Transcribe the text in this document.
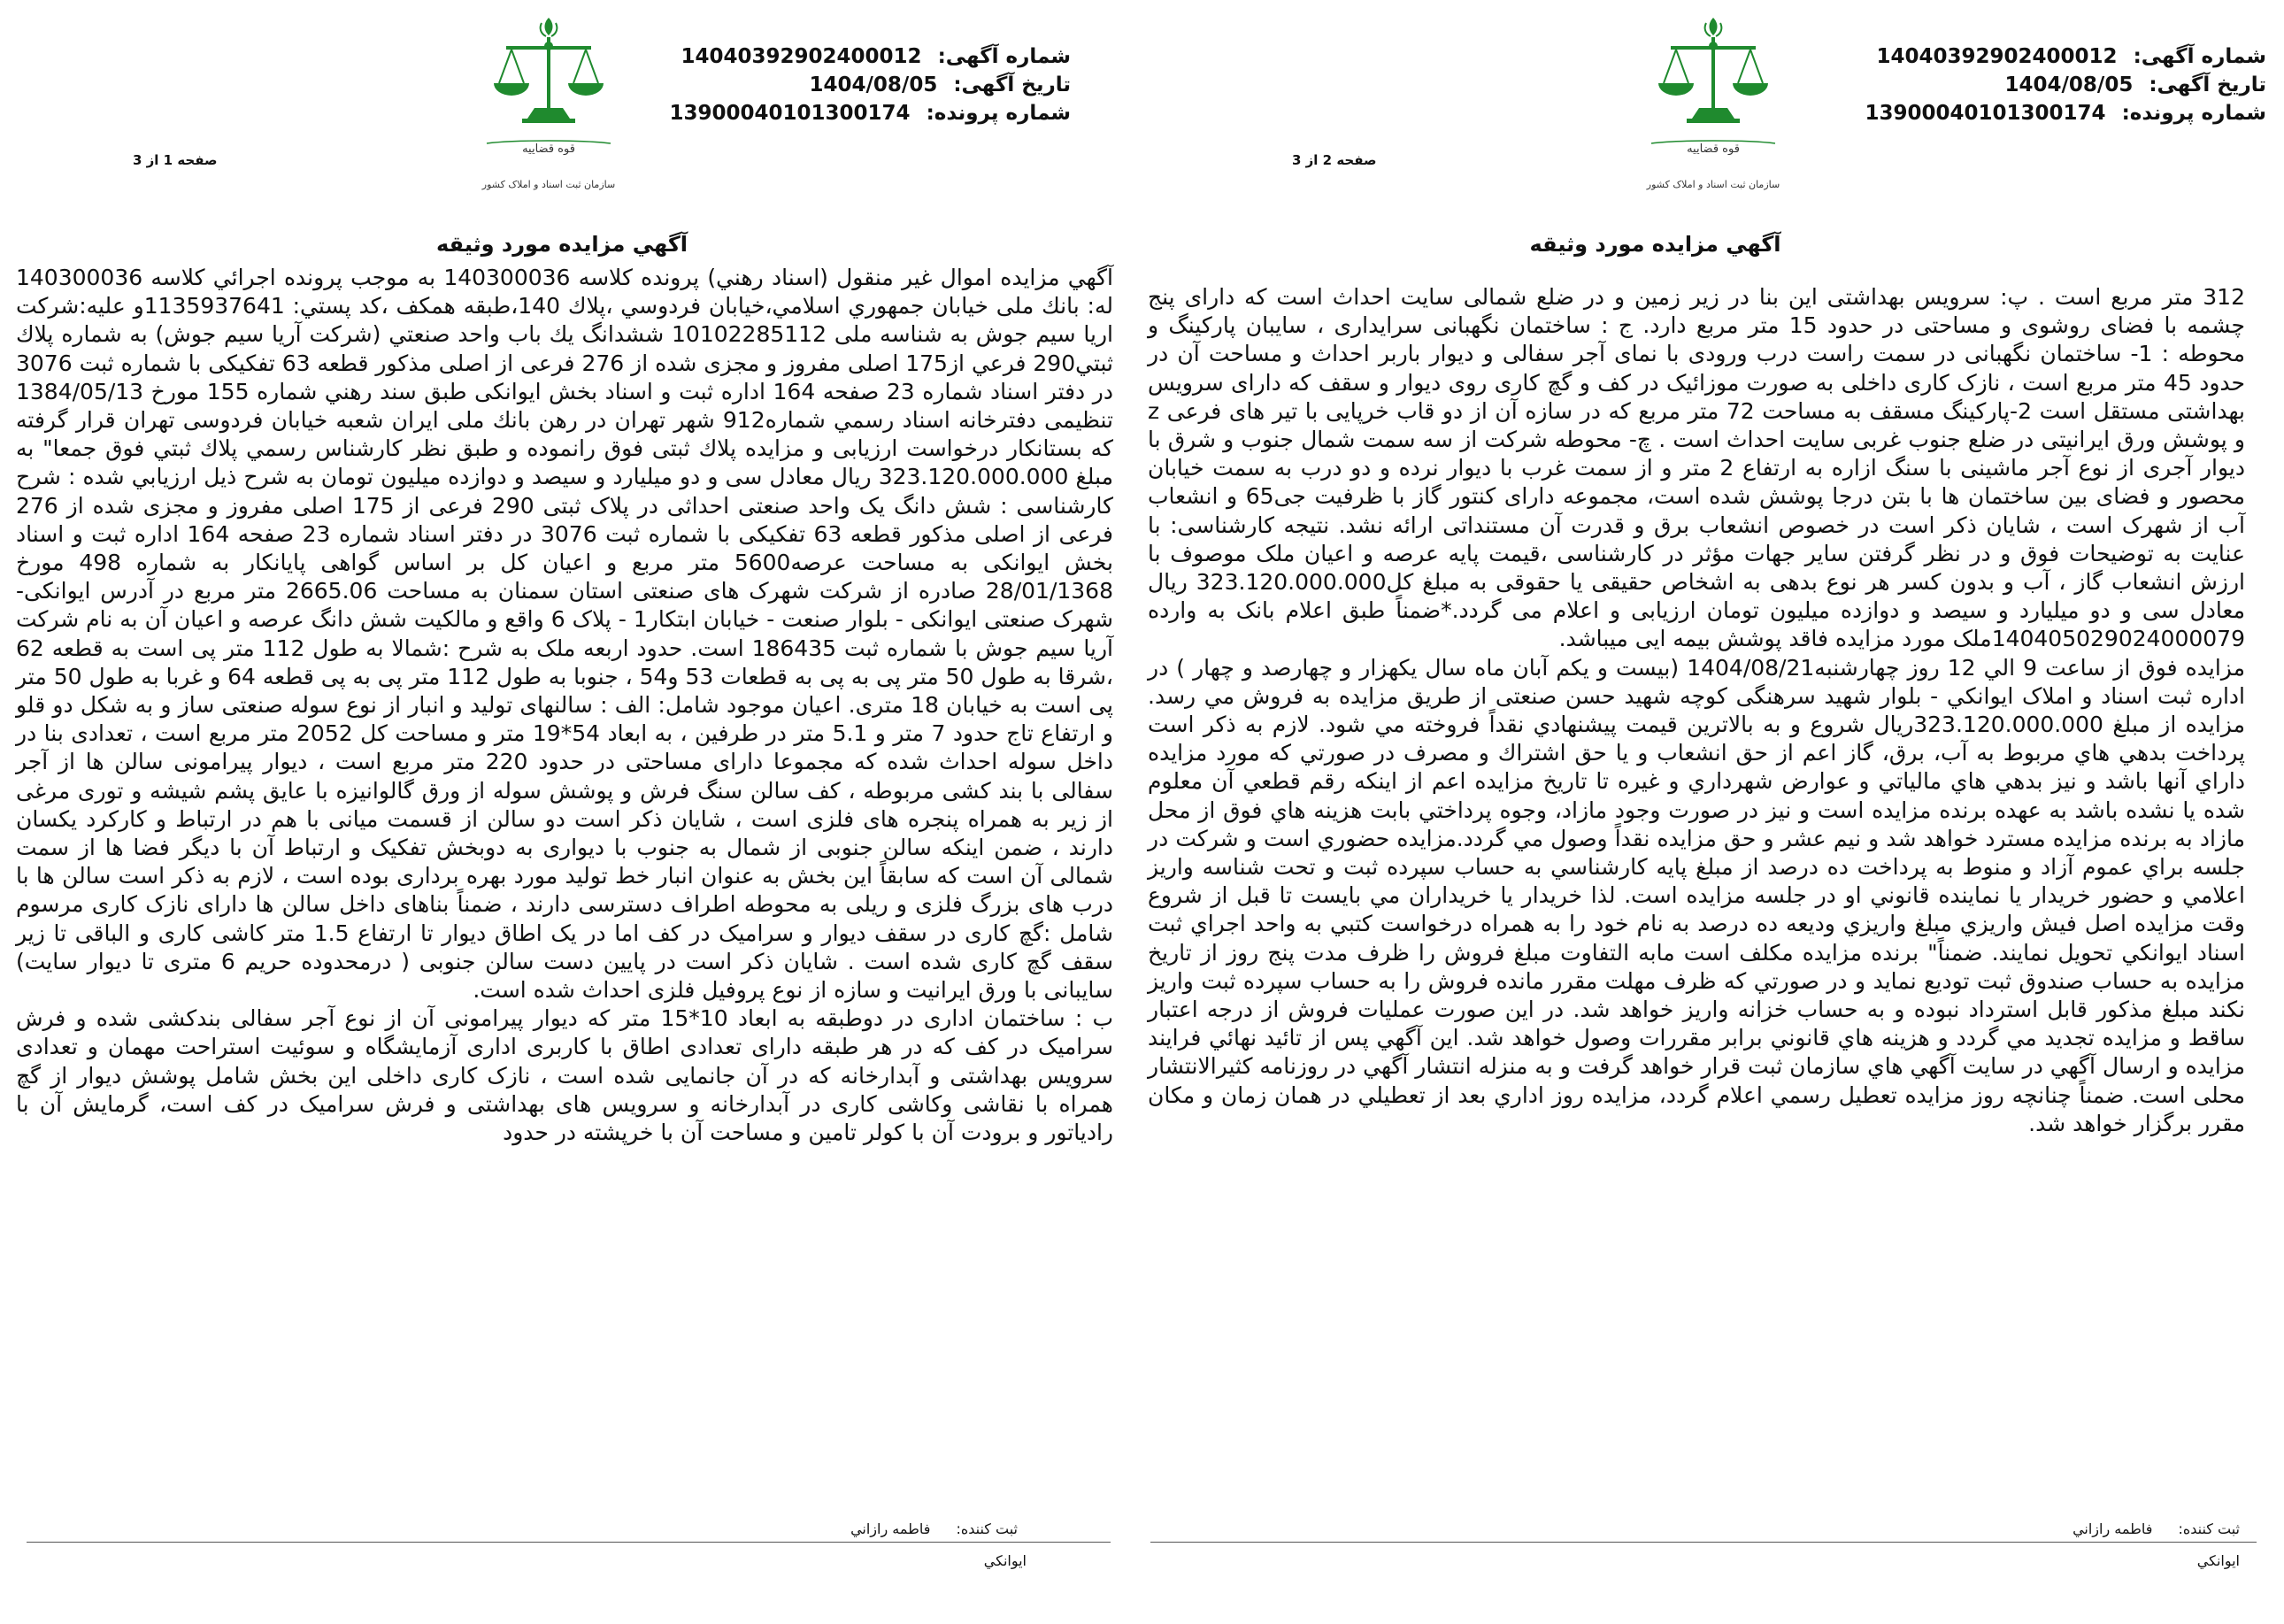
شماره آگهی: 14040392902400012
تاریخ آگهی: 1404/08/05
شماره پرونده: 13900040101300174
قوه قضاییه
سازمان ثبت اسناد و املاک کشور
صفحه 1 از 3
آگهي مزايده مورد وثيقه

آگهي مزايده اموال غير منقول (اسناد رهني) پرونده كلاسه 140300036 به موجب پرونده اجرائي كلاسه 140300036 له: بانك ملی خيابان جمهوري اسلامي،خيابان فردوسي ،پلاك 140،طبقه همكف ،كد پستي: 1135937641و عليه:شركت اريا سيم جوش به شناسه ملی 10102285112 ششدانگ يك باب واحد صنعتي (شركت آريا سيم جوش) به شماره پلاك ثبتي290 فرعي از175 اصلی مفروز و مجزی شده از 276 فرعی از اصلی مذکور قطعه 63 تفکیکی با شماره ثبت 3076 در دفتر اسناد شماره 23 صفحه 164 اداره ثبت و اسناد بخش ايوانكی طبق سند رهني شماره 155 مورخ 1384/05/13 تنظيمی دفترخانه اسناد رسمي شماره912 شهر تهران در رهن بانك ملی ايران شعبه خيابان فردوسی تهران قرار گرفته كه بستانكار درخواست ارزيابی و مزايده پلاك ثبتی فوق رانموده و طبق نظر كارشناس رسمي پلاك ثبتي فوق جمعا" به مبلغ 323.120.000.000 ريال معادل سی و دو ميليارد و سيصد و دوازده ميليون تومان به شرح ذيل ارزيابي شده : شرح كارشناسی : شش دانگ یک واحد صنعتی احداثی در پلاک ثبتی 290 فرعی از 175 اصلی مفروز و مجزی شده از 276 فرعی از اصلی مذکور قطعه 63 تفکیکی با شماره ثبت 3076 در دفتر اسناد شماره 23 صفحه 164 اداره ثبت و اسناد بخش ایوانکی به مساحت عرصه5600 متر مربع و اعیان کل بر اساس گواهی پایانکار به شماره 498 مورخ 28/01/1368 صادره از شرکت شهرک های صنعتی استان سمنان به مساحت 2665.06 متر مربع در آدرس ایوانکی- شهرک صنعتی ایوانکی - بلوار صنعت - خیابان ابتکار1 - پلاک 6 واقع و مالکیت شش دانگ عرصه و اعیان آن به نام شرکت آریا سیم جوش با شماره ثبت 186435 است. حدود اربعه ملک به شرح :شمالا به طول 112 متر پی است به قطعه 62 ،شرقا به طول 50 متر پی به پی به قطعات 53 و54 ، جنوبا به طول 112 متر پی به پی قطعه 64 و غربا به طول 50 متر پی است به خیابان 18 متری. اعیان موجود شامل: الف : سالنهای تولید و انبار از نوع سوله صنعتی ساز و به شکل دو قلو و ارتفاع تاج حدود 7 متر و 5.1 متر در طرفین ، به ابعاد 54*19 متر و مساحت کل 2052 متر مربع است ، تعدادی بنا در داخل سوله احداث شده که مجموعا دارای مساحتی در حدود 220 متر مربع است ، دیوار پیرامونی سالن ها از آجر سفالی با بند کشی مربوطه ، کف سالن سنگ فرش و پوشش سوله از ورق گالوانیزه با عایق پشم شیشه و توری مرغی از زیر به همراه پنجره های فلزی است ، شایان ذکر است دو سالن از قسمت میانی با هم در ارتباط و کارکرد یکسان دارند ، ضمن اینکه سالن جنوبی از شمال به جنوب با دیواری به دوبخش تفکیک و ارتباط آن با دیگر فضا ها از سمت شمالی آن است که سابقاً این بخش به عنوان انبار خط تولید مورد بهره برداری بوده است ، لازم به ذکر است سالن ها با درب های بزرگ فلزی و ریلی به محوطه اطراف دسترسی دارند ، ضمناً بناهای داخل سالن ها دارای نازک کاری مرسوم شامل :گچ کاری در سقف دیوار و سرامیک در کف اما در یک اطاق دیوار تا ارتفاع 1.5 متر کاشی کاری و الباقی تا زیر سقف گچ کاری شده است . شایان ذکر است در پایین دست سالن جنوبی ( درمحدوده حریم 6 متری تا دیوار سایت) سایبانی با ورق ایرانیت و سازه از نوع پروفیل فلزی احداث شده است.

ب : ساختمان اداری در دوطبقه به ابعاد 10*15 متر که دیوار پیرامونی آن از نوع آجر سفالی بندکشی شده و فرش سرامیک در کف که در هر طبقه دارای تعدادی اطاق با کاربری اداری آزمایشگاه و سوئیت استراحت مهمان و تعدادی سرویس بهداشتی و آبدارخانه که در آن جانمایی شده است ، نازک کاری داخلی این بخش شامل پوشش دیوار از گچ همراه با نقاشی وکاشی کاری در آبدارخانه و سرویس های بهداشتی و فرش سرامیک در کف است، گرمایش آن با رادیاتور و برودت آن با کولر تامین و مساحت آن با خرپشته در حدود

ثبت كننده: فاطمه رازاني
ايوانكي
شماره آگهی: 14040392902400012
تاریخ آگهی: 1404/08/05
شماره پرونده: 13900040101300174
قوه قضاییه
سازمان ثبت اسناد و املاک کشور
صفحه 2 از 3
آگهي مزايده مورد وثيقه

312 متر مربع است . پ: سرویس بهداشتی این بنا در زیر زمین و در ضلع شمالی سایت احداث است که دارای پنج چشمه با فضای روشوی و مساحتی در حدود 15 متر مربع دارد. ج : ساختمان نگهبانی سرایداری ، سایبان پارکینگ و محوطه : 1- ساختمان نگهبانی در سمت راست درب ورودی با نمای آجر سفالی و دیوار باربر احداث و مساحت آن در حدود 45 متر مربع است ، نازک کاری داخلی به صورت موزائیک در کف و گچ کاری روی دیوار و سقف که دارای سرویس بهداشتی مستقل است 2-پارکینگ مسقف به مساحت 72 متر مربع که در سازه آن از دو قاب خرپایی با تیر های فرعی z و پوشش ورق ایرانیتی در ضلع جنوب غربی سایت احداث است . چ- محوطه شرکت از سه سمت شمال جنوب و شرق با دیوار آجری از نوع آجر ماشینی با سنگ ازاره به ارتفاع 2 متر و از سمت غرب با دیوار نرده و دو درب به سمت خیابان محصور و فضای بین ساختمان ها با بتن درجا پوشش شده است، مجموعه دارای کنتور گاز با ظرفیت جی65 و انشعاب آب از شهرک است ، شایان ذکر است در خصوص انشعاب برق و قدرت آن مستنداتی ارائه نشد. نتیجه کارشناسی: با عنایت به توضیحات فوق و در نظر گرفتن سایر جهات مؤثر در کارشناسی ،قیمت پایه عرصه و اعیان ملک موصوف با ارزش انشعاب گاز ، آب و بدون کسر هر نوع بدهی به اشخاص حقیقی یا حقوقی به مبلغ کل323.120.000.000 ریال معادل سی و دو میلیارد و سیصد و دوازده میلیون تومان ارزیابی و اعلام می گردد.*ضمناً طبق اعلام بانک به وارده 140405029024000079ملک مورد مزایده فاقد پوشش بیمه ایی میباشد.

مزايده فوق از ساعت 9 الي 12 روز چهارشنبه1404/08/21 (بیست و یکم آبان ماه سال یکهزار و چهارصد و چهار ) در اداره ثبت اسناد و املاک ايوانكي - بلوار شهید سرهنگی کوچه شهید حسن صنعتی از طريق مزايده به فروش مي رسد. مزايده از مبلغ 323.120.000.000ريال شروع و به بالاترين قيمت پيشنهادي نقداً فروخته مي شود. لازم به ذكر است پرداخت بدهي هاي مربوط به آب، برق، گاز اعم از حق انشعاب و يا حق اشتراك و مصرف در صورتي كه مورد مزايده داراي آنها باشد و نيز بدهي هاي مالياتي و عوارض شهرداري و غيره تا تاريخ مزايده اعم از اينكه رقم قطعي آن معلوم شده يا نشده باشد به عهده برنده مزايده است و نيز در صورت وجود مازاد، وجوه پرداختي بابت هزينه هاي فوق از محل مازاد به برنده مزايده مسترد خواهد شد و نيم عشر و حق مزايده نقداً وصول مي گردد.مزايده حضوري است و شركت در جلسه براي عموم آزاد و منوط به پرداخت ده درصد از مبلغ پايه كارشناسي به حساب سپرده ثبت و تحت شناسه واريز اعلامي و حضور خريدار يا نماينده قانوني او در جلسه مزايده است. لذا خريدار يا خريداران مي بايست تا قبل از شروع وقت مزايده اصل فيش واريزي مبلغ واريزي وديعه ده درصد به نام خود را به همراه درخواست كتبي به واحد اجراي ثبت اسناد ايوانكي تحويل نمايند. ضمناً" برنده مزايده مكلف است مابه التفاوت مبلغ فروش را ظرف مدت پنج روز از تاريخ مزايده به حساب صندوق ثبت توديع نمايد و در صورتي كه ظرف مهلت مقرر مانده فروش را به حساب سپرده ثبت واريز نكند مبلغ مذكور قابل استرداد نبوده و به حساب خزانه واريز خواهد شد. در اين صورت عمليات فروش از درجه اعتبار ساقط و مزايده تجديد مي گردد و هزينه هاي قانوني برابر مقررات وصول خواهد شد. اين آگهي پس از تائيد نهائي فرايند مزايده و ارسال آگهي در سايت آگهي هاي سازمان ثبت قرار خواهد گرفت و به منزله انتشار آگهي در روزنامه كثيرالانتشار محلی است. ضمناً چنانچه روز مزايده تعطيل رسمي اعلام گردد، مزايده روز اداري بعد از تعطيلي در همان زمان و مكان مقرر برگزار خواهد شد.

ثبت كننده: فاطمه رازاني
ايوانكي
